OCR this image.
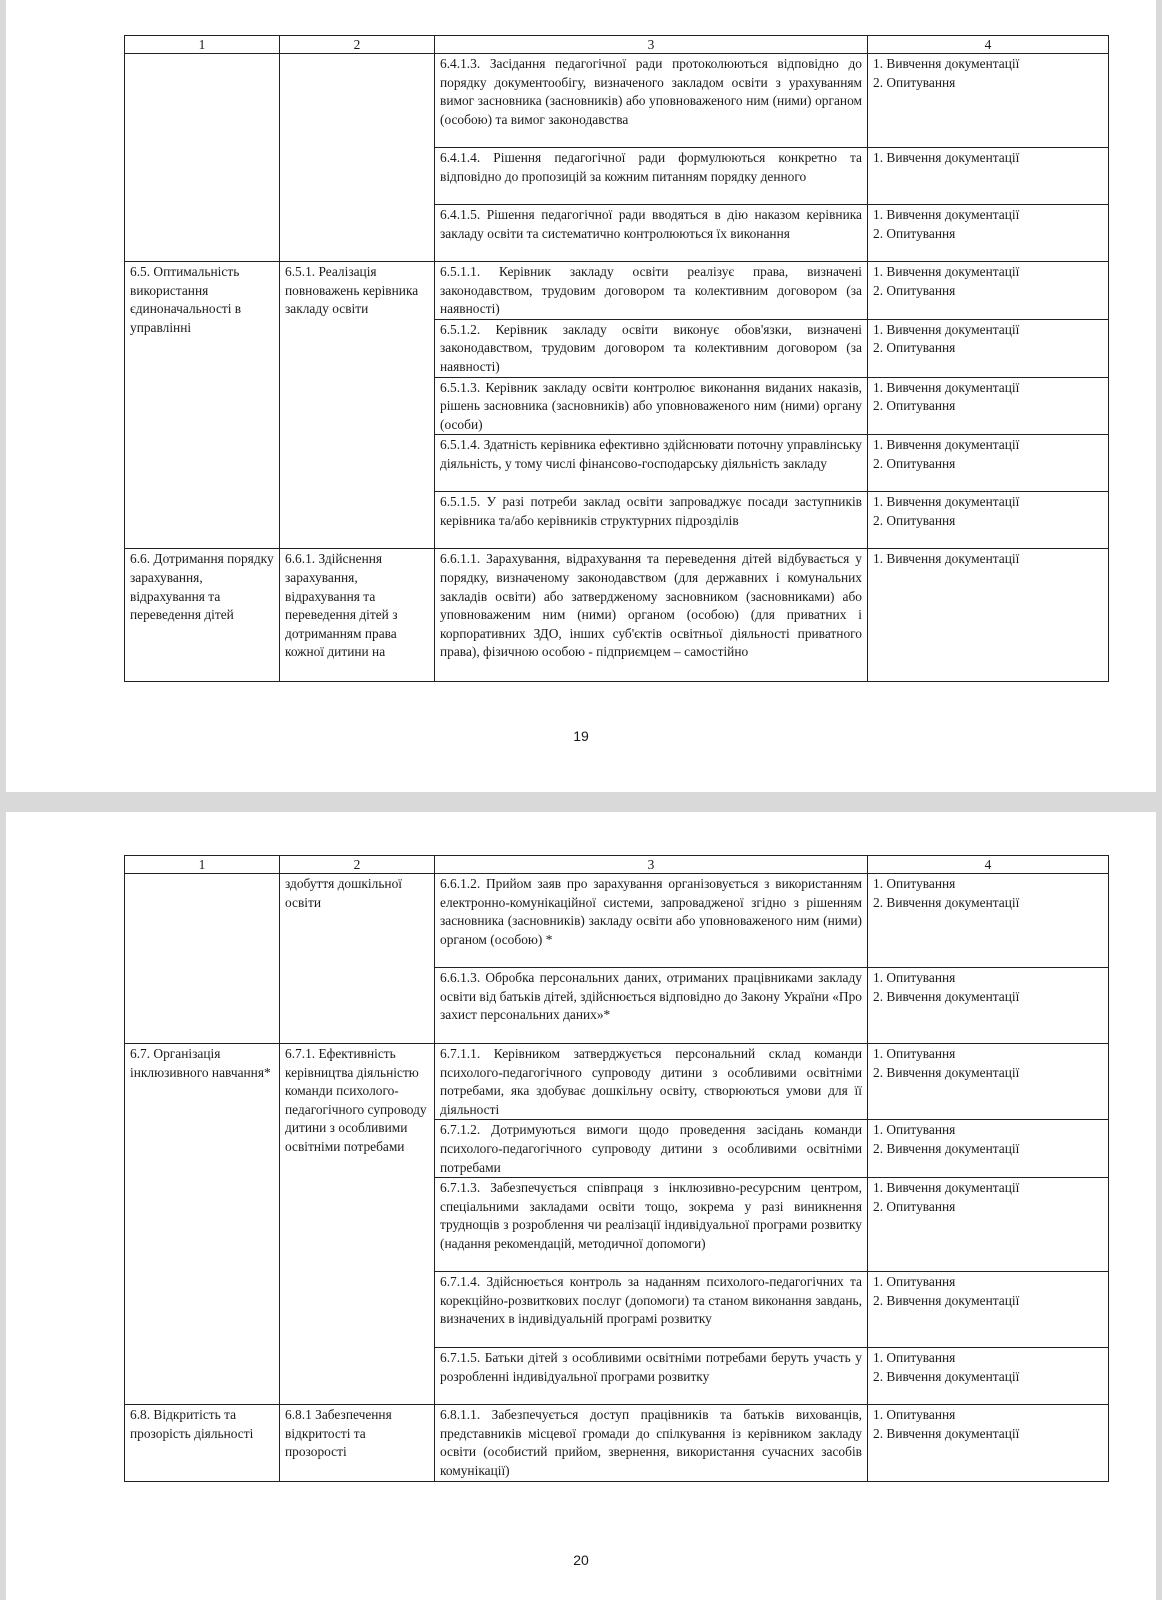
1	2	3	4
		6.4.1.3. Засідання педагогічної ради протоколюються відповідно до порядку документообігу, визначеного закладом освіти з урахуванням вимог засновника (засновників) або уповноваженого ним (ними) органом (особою) та вимог законодавства	1. Вивчення документації
2. Опитування

		6.4.1.4. Рішення педагогічної ради формулюються конкретно та відповідно до пропозицій за кожним питанням порядку денного	1. Вивчення документації

		6.4.1.5. Рішення педагогічної ради вводяться в дію наказом керівника закладу освіти та систематично контролюються їх виконання	1. Вивчення документації
2. Опитування

6.5. Оптимальність використання єдиноначальності в управлінні	6.5.1. Реалізація повноважень керівника закладу освіти	6.5.1.1. Керівник закладу освіти реалізує права, визначені законодавством, трудовим договором та колективним договором (за наявності)	1. Вивчення документації
2. Опитування

		6.5.1.2. Керівник закладу освіти виконує обов'язки, визначені законодавством, трудовим договором та колективним договором (за наявності)	1. Вивчення документації
2. Опитування

		6.5.1.3. Керівник закладу освіти контролює виконання виданих наказів, рішень засновника (засновників) або уповноваженого ним (ними) органу (особи)	1. Вивчення документації
2. Опитування

		6.5.1.4. Здатність керівника ефективно здійснювати поточну управлінську діяльність, у тому числі фінансово-господарську діяльність закладу	1. Вивчення документації
2. Опитування

		6.5.1.5. У разі потреби заклад освіти запроваджує посади заступників керівника та/або керівників структурних підрозділів	1. Вивчення документації
2. Опитування

6.6. Дотримання порядку зарахування, відрахування та переведення дітей	6.6.1. Здійснення зарахування, відрахування та переведення дітей з дотриманням права кожної дитини на	6.6.1.1. Зарахування, відрахування та переведення дітей відбувається у порядку, визначеному законодавством (для державних і комунальних закладів освіти) або затвердженому засновником (засновниками) або уповноваженим ним (ними) органом (особою) (для приватних і корпоративних ЗДО, інших суб'єктів освітньої діяльності приватного права), фізичною особою - підприємцем – самостійно	1. Вивчення документації
19
1	2	3	4
	здобуття дошкільної освіти	6.6.1.2. Прийом заяв про зарахування організовується з використанням електронно-комунікаційної системи, запровадженої згідно з рішенням засновника (засновників) закладу освіти або уповноваженого ним (ними) органом (особою) *	1. Опитування
2. Вивчення документації

		6.6.1.3. Обробка персональних даних, отриманих працівниками закладу освіти від батьків дітей, здійснюється відповідно до Закону України «Про захист персональних даних»*	1. Опитування
2. Вивчення документації

6.7. Організація інклюзивного навчання*	6.7.1. Ефективність керівництва діяльністю команди психолого-педагогічного супроводу дитини з особливими освітніми потребами	6.7.1.1. Керівником затверджується персональний склад команди психолого-педагогічного супроводу дитини з особливими освітніми потребами, яка здобуває дошкільну освіту, створюються умови для її діяльності	1. Опитування
2. Вивчення документації

		6.7.1.2. Дотримуються вимоги щодо проведення засідань команди психолого-педагогічного супроводу дитини з особливими освітніми потребами	1. Опитування
2. Вивчення документації

		6.7.1.3. Забезпечується співпраця з інклюзивно-ресурсним центром, спеціальними закладами освіти тощо, зокрема у разі виникнення труднощів з розроблення чи реалізації індивідуальної програми розвитку (надання рекомендацій, методичної допомоги)	1. Вивчення документації
2. Опитування

		6.7.1.4. Здійснюється контроль за наданням психолого-педагогічних та корекційно-розвиткових послуг (допомоги) та станом виконання завдань, визначених в індивідуальній програмі розвитку	1. Опитування
2. Вивчення документації

		6.7.1.5. Батьки дітей з особливими освітніми потребами беруть участь у розробленні індивідуальної програми розвитку	1. Опитування
2. Вивчення документації

6.8. Відкритість та прозорість діяльності	6.8.1 Забезпечення відкритості та прозорості	6.8.1.1. Забезпечується доступ працівників та батьків вихованців, представників місцевої громади до спілкування із керівником закладу освіти (особистий прийом, звернення, використання сучасних засобів комунікації)	1. Опитування
2. Вивчення документації
20
